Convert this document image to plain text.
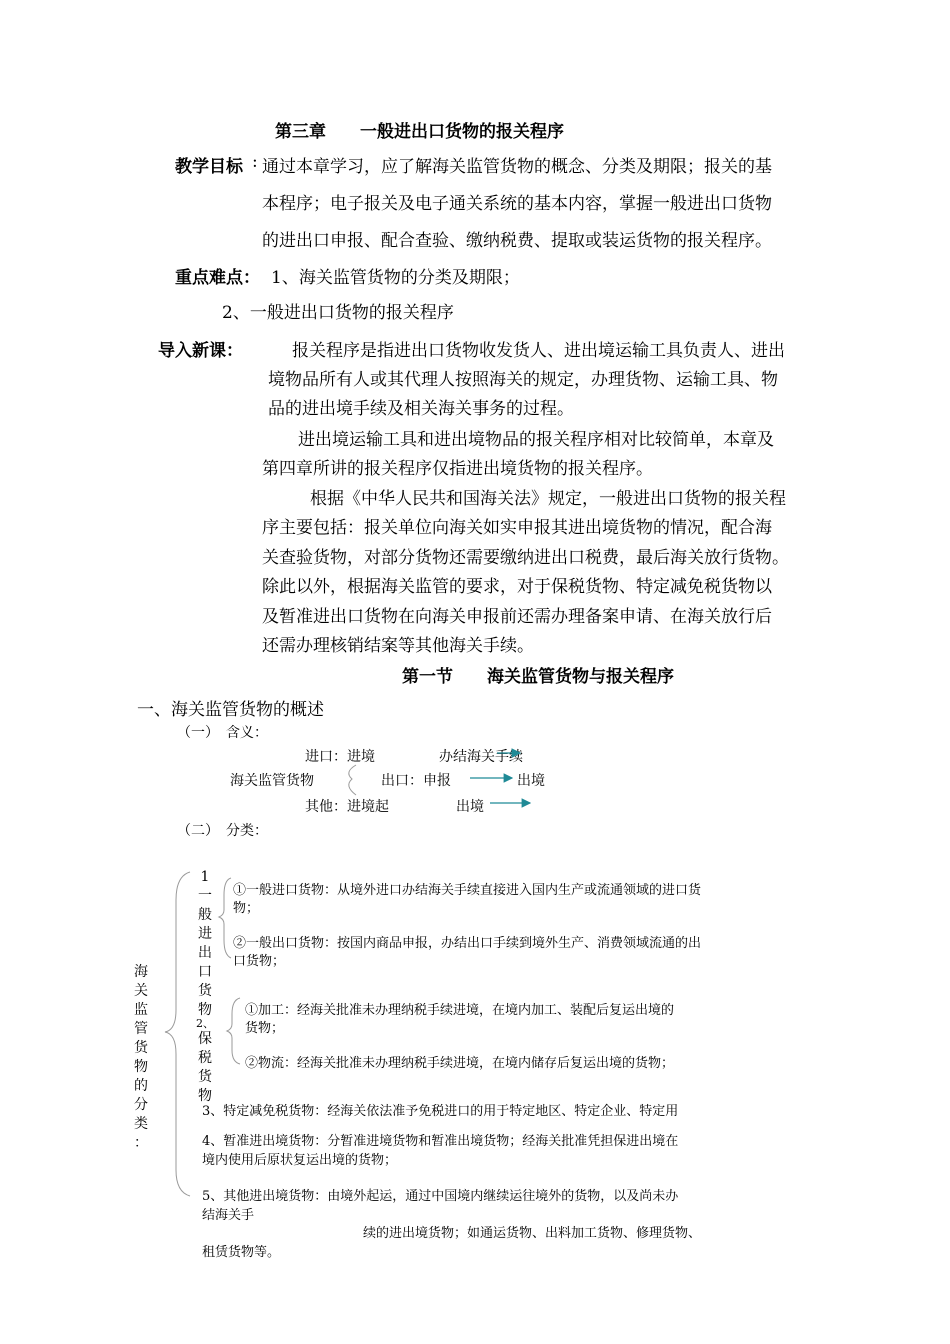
第三章　　一般进出口货物的报关程序
教学目标 : 通过本章学习，应了解海关监管货物的概念、分类及期限；报关的基
本程序；电子报关及电子通关系统的基本内容，掌握一般进出口货物
的进出口申报、配合查验、缴纳税费、提取或装运货物的报关程序。
重点难点： 1、海关监管货物的分类及期限；
2、一般进出口货物的报关程序
导入新课：	报关程序是指进出口货物收发货人、进出境运输工具负责人、进出
境物品所有人或其代理人按照海关的规定，办理货物、运输工具、物
品的进出境手续及相关海关事务的过程。
进出境运输工具和进出境物品的报关程序相对比较简单，本章及
第四章所讲的报关程序仅指进出境货物的报关程序。
根据《中华人民共和国海关法》规定，一般进出口货物的报关程
序主要包括：报关单位向海关如实申报其进出境货物的情况，配合海
关查验货物，对部分货物还需要缴纳进出口税费，最后海关放行货物。
除此以外，根据海关监管的要求，对于保税货物、特定减免税货物以
及暂准进出口货物在向海关申报前还需办理备案申请、在海关放行后
还需办理核销结案等其他海关手续。
第一节　　海关监管货物与报关程序
一、海关监管货物的概述
（一）　含义：
进口：进境	办结海关手续
海关监管货物	出口：申报	出境
其他：进境起	出境
（二）　分类：
海
关
监
管
货
物
的
分
类
：
1
一
般
进
出
口
货
物
2、
保
税
货
物
①一般进口货物：从境外进口办结海关手续直接进入国内生产或流通领域的进口货
物；
②一般出口货物：按国内商品申报，办结出口手续到境外生产、消费领域流通的出
口货物；
①加工：经海关批准未办理纳税手续进境，在境内加工、装配后复运出境的
货物；
②物流：经海关批准未办理纳税手续进境，在境内储存后复运出境的货物；
3、特定减免税货物：经海关依法准予免税进口的用于特定地区、特定企业、特定用
4、暂准进出境货物：分暂准进境货物和暂准出境货物；经海关批准凭担保进出境在
境内使用后原状复运出境的货物；
5、其他进出境货物：由境外起运，通过中国境内继续运往境外的货物，以及尚未办
结海关手
续的进出境货物；如通运货物、出料加工货物、修理货物、
租赁货物等。
